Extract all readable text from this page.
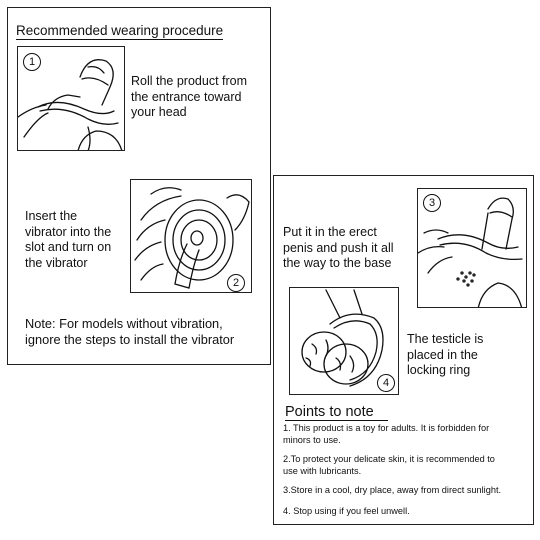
Recommended wearing procedure
1
Roll the product from
the entrance toward
your head
2
Insert the
vibrator into the
slot and turn on
the vibrator
Note: For models without vibration,
ignore the steps to install the vibrator
Put it in the erect
penis and push it all
the way to the base
3
4
The testicle is
placed in the
locking ring
Points to note
1. This product is a toy for adults. It is forbidden for
minors to use.
2.To protect your delicate skin, it is recommended to
use with lubricants.
3.Store in a cool, dry place, away from direct sunlight.
4. Stop using if you feel unwell.
